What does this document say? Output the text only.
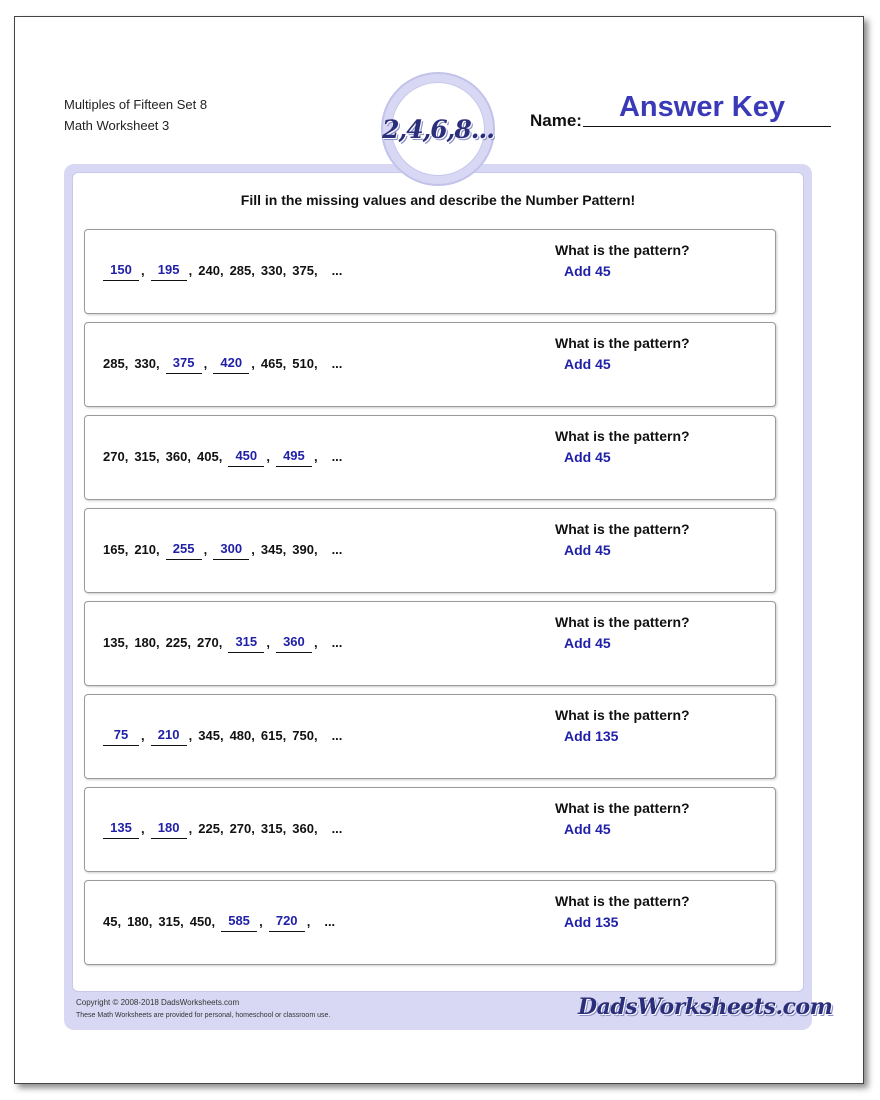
Multiples of Fifteen Set 8
Math Worksheet 3	2,4,6,8... Name:	Answer Key
Fill in the missing values and describe the Number Pattern!
150 ,	195 , 240 , 285 , 330 , 375 , ...
What is the pattern?
Add 45
285 , 330 ,	375 ,	420 , 465 , 510 , ...
What is the pattern?
Add 45
270 , 315 , 360 , 405 ,	450 ,	495 , ...
What is the pattern?
Add 45
165 , 210 ,	255 ,	300 , 345 , 390 , ...
What is the pattern?
Add 45
135 , 180 , 225 , 270 ,	315 ,	360 , ...
What is the pattern?
Add 45
75 ,	210 , 345 , 480 , 615 , 750 , ...
What is the pattern?
Add 135
135 ,	180 , 225 , 270 , 315 , 360 , ...
What is the pattern?
Add 45
45 , 180 , 315 , 450 ,	585 ,	720 , ...
What is the pattern?
Add 135
Copyright © 2008-2018 DadsWorksheets.com
These Math Worksheets are provided for personal, homeschool or classroom use.	DadsWorksheets.com
